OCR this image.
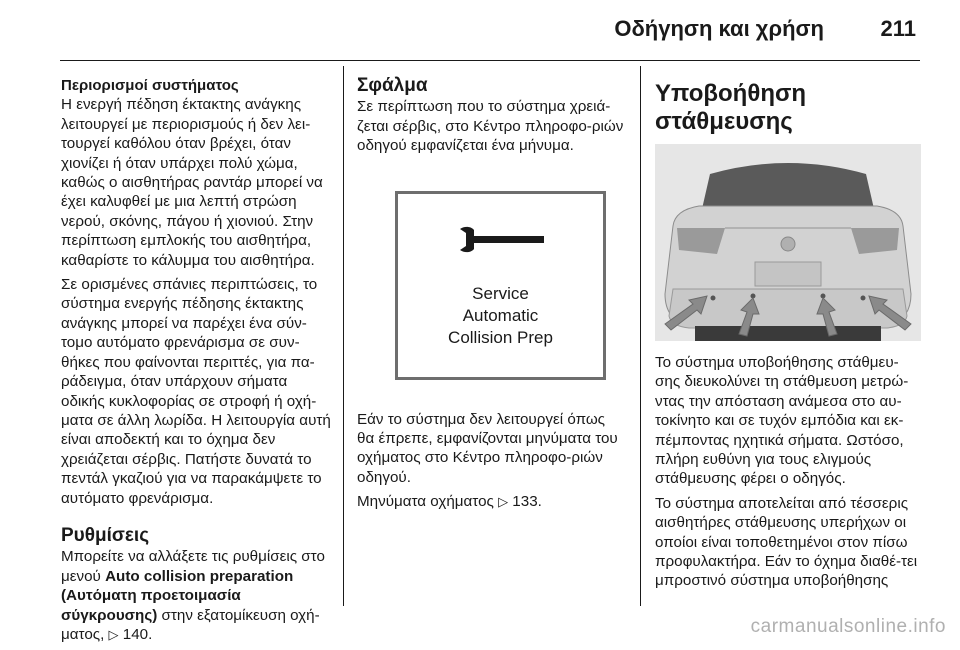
Οδήγηση και χρήση	211
Περιορισμοί συστήματος

Η ενεργή πέδηση έκτακτης ανάγκης λειτουργεί με περιορισμούς ή δεν λει-τουργεί καθόλου όταν βρέχει, όταν χιονίζει ή όταν υπάρχει πολύ χώμα, καθώς ο αισθητήρας ραντάρ μπορεί να έχει καλυφθεί με μια λεπτή στρώση νερού, σκόνης, πάγου ή χιονιού. Στην περίπτωση εμπλοκής του αισθητήρα, καθαρίστε το κάλυμμα του αισθητήρα.

Σε ορισμένες σπάνιες περιπτώσεις, το σύστημα ενεργής πέδησης έκτακτης ανάγκης μπορεί να παρέχει ένα σύν-τομο αυτόματο φρενάρισμα σε συν-θήκες που φαίνονται περιττές, για πα-ράδειγμα, όταν υπάρχουν σήματα οδικής κυκλοφορίας σε στροφή ή οχή-ματα σε άλλη λωρίδα. Η λειτουργία αυτή είναι αποδεκτή και το όχημα δεν χρειάζεται σέρβις. Πατήστε δυνατά το πεντάλ γκαζιού για να παρακάμψετε το αυτόματο φρενάρισμα.

Ρυθμίσεις

Μπορείτε να αλλάξετε τις ρυθμίσεις στο μενού Auto collision preparation (Αυτόματη προετοιμασία σύγκρουσης) στην εξατομίκευση οχή-ματος, ▷ 140.

Σφάλμα

Σε περίπτωση που το σύστημα χρειά-ζεται σέρβις, στο Κέντρο πληροφο-ριών οδηγού εμφανίζεται ένα μήνυμα.

Service
Automatic
Collision Prep

Εάν το σύστημα δεν λειτουργεί όπως θα έπρεπε, εμφανίζονται μηνύματα του οχήματος στο Κέντρο πληροφο-ριών οδηγού.

Μηνύματα οχήματος ▷ 133.

Υποβοήθηση στάθμευσης

Το σύστημα υποβοήθησης στάθμευ-σης διευκολύνει τη στάθμευση μετρώ-ντας την απόσταση ανάμεσα στο αυ-τοκίνητο και σε τυχόν εμπόδια και εκ-πέμποντας ηχητικά σήματα. Ωστόσο, πλήρη ευθύνη για τους ελιγμούς στάθμευσης φέρει ο οδηγός.

Το σύστημα αποτελείται από τέσσερις αισθητήρες στάθμευσης υπερήχων οι οποίοι είναι τοποθετημένοι στον πίσω προφυλακτήρα. Εάν το όχημα διαθέ-τει μπροστινό σύστημα υποβοήθησης

carmanualsonline.info
